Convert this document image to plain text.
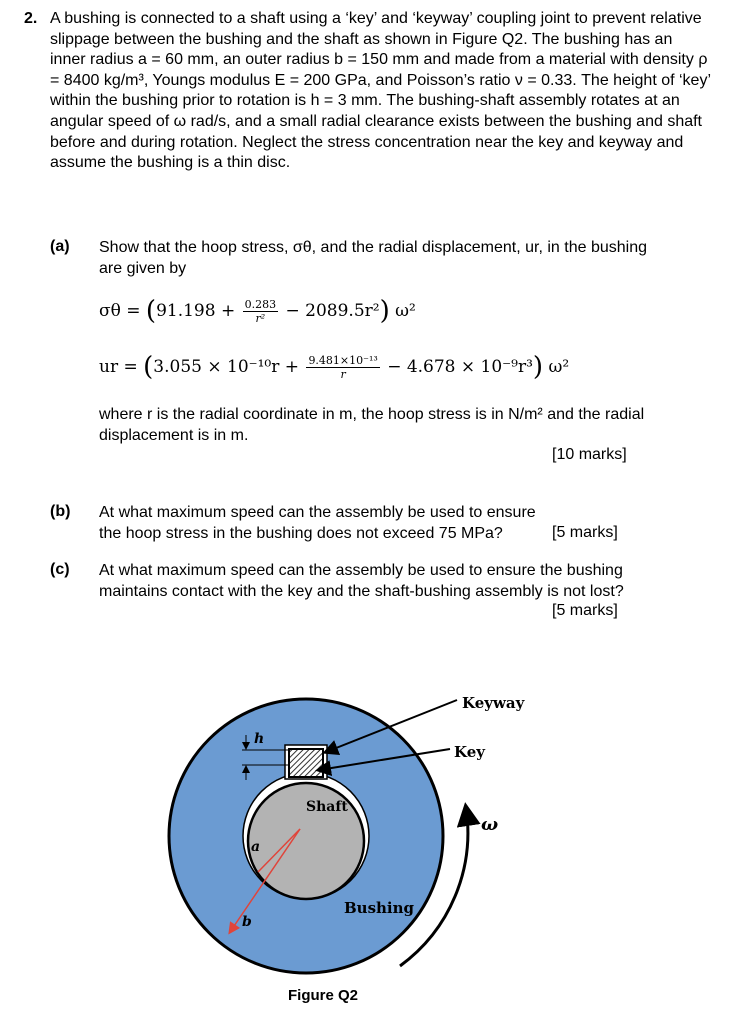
2. A bushing is connected to a shaft using a ‘key’ and ‘keyway’ coupling joint to prevent relative slippage between the bushing and the shaft as shown in Figure Q2. The bushing has an inner radius a = 60 mm, an outer radius b = 150 mm and made from a material with density ρ = 8400 kg/m³, Youngs modulus E = 200 GPa, and Poisson’s ratio ν = 0.33. The height of ‘key’ within the bushing prior to rotation is h = 3 mm. The bushing-shaft assembly rotates at an angular speed of ω rad/s, and a small radial clearance exists between the bushing and shaft before and during rotation. Neglect the stress concentration near the key and keyway and assume the bushing is a thin disc.

(a) Show that the hoop stress, σθ, and the radial displacement, ur, in the bushing are given by
$\sigma\theta = (91.198 + \frac{0.283}{\text{r²}} - 2089.5r^2)$ ω²
ur = $(3.055 \times 10^{-10}r + \frac{\text{9.481×10⁻¹³}}{r} - 4.678 \times 10^{-9}r^3)$ ω²
where r is the radial coordinate in m, the hoop stress is in N/m² and the radial displacement is in m.
[10 marks]
(b) At what maximum speed can the assembly be used to ensure the hoop stress in the bushing does not exceed 75 MPa?	[5 marks]
(c) At what maximum speed can the assembly be used to ensure the bushing maintains contact with the key and the shaft-bushing assembly is not lost?
[5 marks]
h
a
b
Keyway
Key
Shaft
Bushing
ω
Figure Q2
